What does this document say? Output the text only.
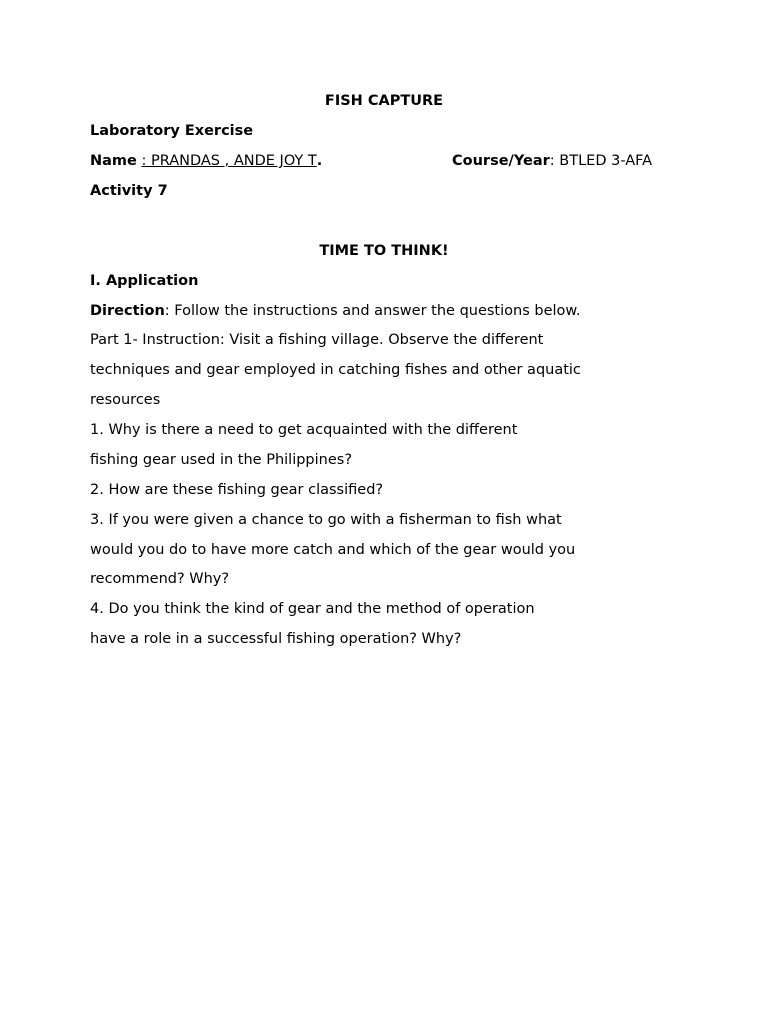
FISH CAPTURE
Laboratory Exercise
Name : PRANDAS , ANDE JOY T.	Course/Year: BTLED 3-AFA
Activity 7
TIME TO THINK!
I. Application
Direction: Follow the instructions and answer the questions below.
Part 1- Instruction: Visit a fishing village. Observe the different
techniques and gear employed in catching fishes and other aquatic
resources
1. Why is there a need to get acquainted with the different
fishing gear used in the Philippines?
2. How are these fishing gear classified?
3. If you were given a chance to go with a fisherman to fish what
would you do to have more catch and which of the gear would you
recommend? Why?
4. Do you think the kind of gear and the method of operation
have a role in a successful fishing operation? Why?
